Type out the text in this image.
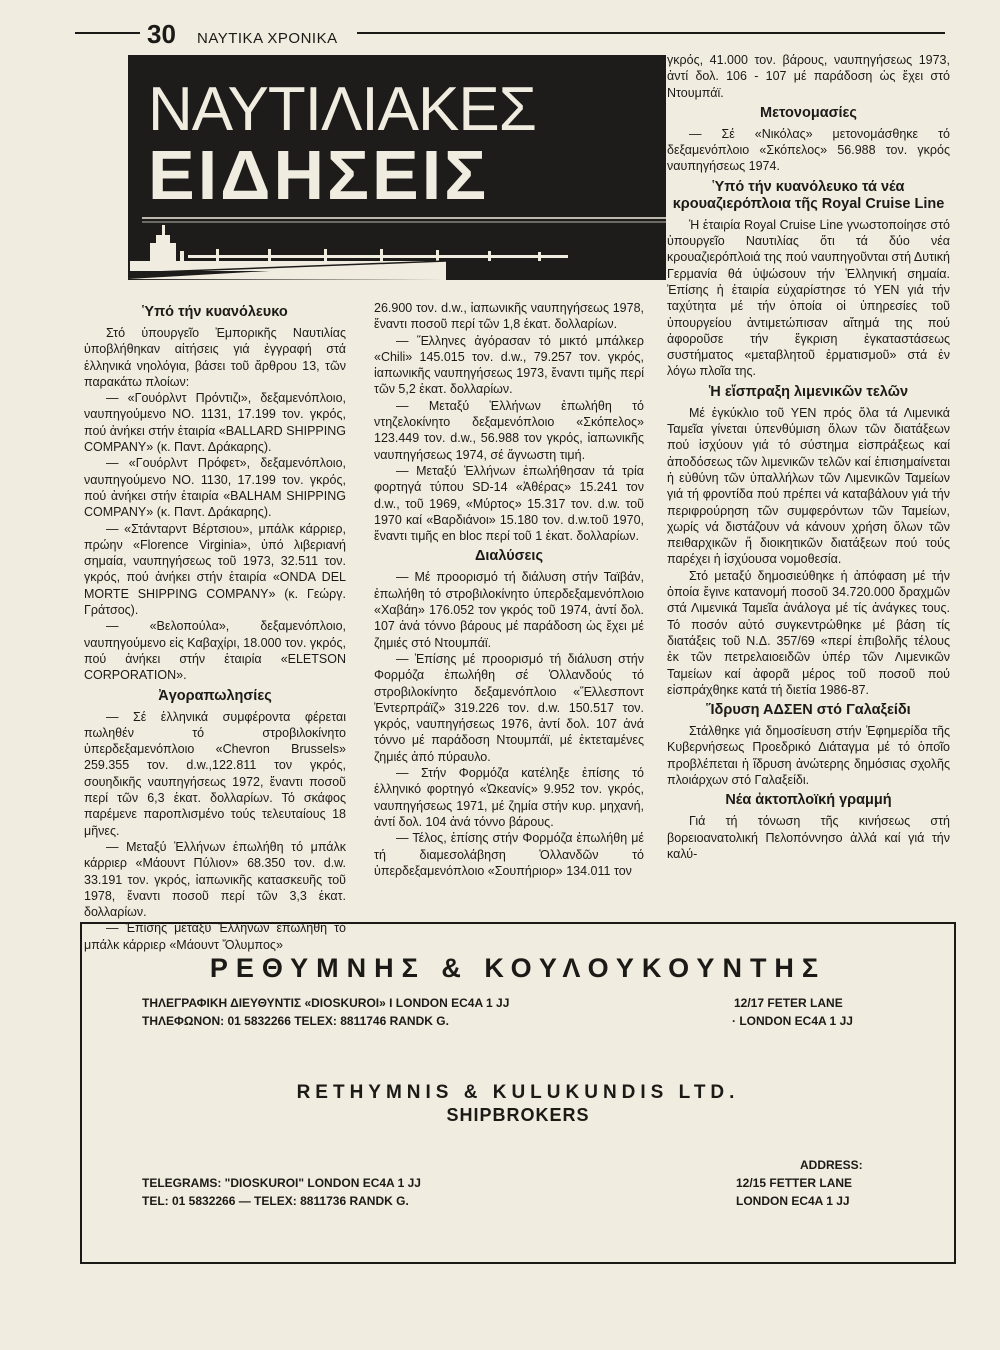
30 ΝΑΥΤΙΚΑ ΧΡΟΝΙΚΑ
ΝΑΥΤΙΛΙΑΚΕΣ
ΕΙΔΗΣΕΙΣ
Ὑπό τήν κυανόλευκο

Στό ὑπουργεῖο Ἐμπορικῆς Ναυτιλίας ὑποβλήθηκαν αἰτήσεις γιά ἐγγραφή στά ἑλληνικά νηολόγια, βάσει τοῦ ἄρθρου 13, τῶν παρακάτω πλοίων:

— «Γουόρλντ Πρόντιζι», δεξαμενόπλοιο, ναυπηγούμενο ΝΟ. 1131, 17.199 τον. γκρός, πού ἀνήκει στήν ἑταιρία «BALLARD SHIPPING COMPANY» (κ. Παντ. Δράκαρης).

— «Γουόρλντ Πρόφετ», δεξαμενόπλοιο, ναυπηγούμενο ΝΟ. 1130, 17.199 τον. γκρός, πού ἀνήκει στήν ἑταιρία «BALHAM SHIPPING COMPANY» (κ. Παντ. Δράκαρης).

— «Στάνταρντ Βέρτσιου», μπάλκ κάρριερ, πρώην «Florence Virginia», ὑπό λιβεριανή σημαία, ναυπηγήσεως τοῦ 1973, 32.511 τον. γκρός, πού ἀνήκει στήν ἑταιρία «ONDA DEL MORTE SHIPPING COMPANY» (κ. Γεώργ. Γράτσος).

— «Βελοπούλα», δεξαμενόπλοιο, ναυπηγούμενο εἰς Καβαχίρι, 18.000 τον. γκρός, πού ἀνήκει στήν ἑταιρία «ELETSON CORPORATION».

Ἀγοραπωλησίες

— Σέ ἑλληνικά συμφέροντα φέρεται πωληθέν τό στροβιλοκίνητο ὑπερδεξαμενόπλοιο «Chevron Brussels» 259.355 τον. d.w.,122.811 τον γκρός, σουηδικῆς ναυπηγήσεως 1972, ἔναντι ποσοῦ περί τῶν 6,3 ἑκατ. δολλαρίων. Τό σκάφος παρέμενε παροπλισμένο τούς τελευταίους 18 μῆνες.

— Μεταξύ Ἑλλήνων ἐπωλήθη τό μπάλκ κάρριερ «Μάουντ Πύλιον» 68.350 τον. d.w. 33.191 τον. γκρός, ἰαπωνικῆς κατασκευῆς τοῦ 1978, ἔναντι ποσοῦ περί τῶν 3,3 ἑκατ. δολλαρίων.

— Ἐπίσης μεταξύ Ἑλλήνων ἐπωλήθη τό μπάλκ κάρριερ «Μάουντ Ὄλυμπος»

26.900 τον. d.w., ἰαπωνικῆς ναυπηγήσεως 1978, ἔναντι ποσοῦ περί τῶν 1,8 ἑκατ. δολλαρίων.

— Ἕλληνες ἀγόρασαν τό μικτό μπάλκερ «Chili» 145.015 τον. d.w., 79.257 τον. γκρός, ἰαπωνικῆς ναυπηγήσεως 1973, ἔναντι τιμῆς περί τῶν 5,2 ἑκατ. δολλαρίων.

— Μεταξύ Ἑλλήνων ἐπωλήθη τό ντηζελοκίνητο δεξαμενόπλοιο «Σκόπελος» 123.449 τον. d.w., 56.988 τον γκρός, ἰαπωνικῆς ναυπηγήσεως 1974, σέ ἄγνωστη τιμή.

— Μεταξύ Ἑλλήνων ἐπωλήθησαν τά τρία φορτηγά τύπου SD-14 «Ἀθέρας» 15.241 τον d.w., τοῦ 1969, «Μύρτος» 15.317 τον. d.w. τοῦ 1970 καί «Βαρδιάνοι» 15.180 τον. d.w.τοῦ 1970, ἔναντι τιμῆς en bloc περί τοῦ 1 ἑκατ. δολλαρίων.

Διαλύσεις

— Μέ προορισμό τή διάλυση στήν Ταϊβάν, ἐπωλήθη τό στροβιλοκίνητο ὑπερδεξαμενόπλοιο «Χαβάη» 176.052 τον γκρός τοῦ 1974, ἀντί δολ. 107 ἀνά τόννο βάρους μέ παράδοση ὡς ἔχει μέ ζημιές στό Ντουμπάϊ.

— Ἐπίσης μέ προορισμό τή διάλυση στήν Φορμόζα ἐπωλήθη σέ Ὁλλανδούς τό στροβιλοκίνητο δεξαμενόπλοιο «Ἕλλεσποντ Ἐντερπράϊζ» 319.226 τον. d.w. 150.517 τον. γκρός, ναυπηγήσεως 1976, ἀντί δολ. 107 ἀνά τόννο μέ παράδοση Ντουμπάϊ, μέ ἐκτεταμένες ζημιές ἀπό πύραυλο.

— Στήν Φορμόζα κατέληξε ἐπίσης τό ἑλληνικό φορτηγό «Ὠκεανίς» 9.952 τον. γκρός, ναυπηγήσεως 1971, μέ ζημία στήν κυρ. μηχανή, ἀντί δολ. 104 ἀνά τόννο βάρους.

— Τέλος, ἐπίσης στήν Φορμόζα ἐπωλήθη μέ τή διαμεσολάβηση Ὁλλανδῶν τό ὑπερδεξαμενόπλοιο «Σουπήριορ» 134.011 τον

γκρός, 41.000 τον. βάρους, ναυπηγήσεως 1973, ἀντί δολ. 106 - 107 μέ παράδοση ὡς ἔχει στό Ντουμπάϊ.

Μετονομασίες

— Σέ «Νικόλας» μετονομάσθηκε τό δεξαμενόπλοιο «Σκόπελος» 56.988 τον. γκρός ναυπηγήσεως 1974.

Ὑπό τήν κυανόλευκο τά νέα κρουαζιερόπλοια τῆς Royal Cruise Line

Ἡ ἑταιρία Royal Cruise Line γνωστοποίησε στό ὑπουργεῖο Ναυτιλίας ὅτι τά δύο νέα κρουαζιερόπλοιά της πού ναυπηγοῦνται στή Δυτική Γερμανία θά ὑψώσουν τήν Ἑλληνική σημαία. Ἐπίσης ἡ ἑταιρία εὐχαρίστησε τό ΥΕΝ γιά τήν ταχύτητα μέ τήν ὁποία οἱ ὑπηρεσίες τοῦ ὑπουργείου ἀντιμετώπισαν αἴτημά της πού ἀφοροῦσε τήν ἔγκριση ἐγκαταστάσεως συστήματος «μεταβλητοῦ ἐρματισμοῦ» στά ἐν λόγω πλοῖα της.

Ἡ εἴσπραξη λιμενικῶν τελῶν

Μέ ἐγκύκλιο τοῦ ΥΕΝ πρός ὅλα τά Λιμενικά Ταμεῖα γίνεται ὑπενθύμιση ὅλων τῶν διατάξεων πού ἰσχύουν γιά τό σύστημα εἰσπράξεως καί ἀποδόσεως τῶν λιμενικῶν τελῶν καί ἐπισημαίνεται ἡ εὐθύνη τῶν ὑπαλλήλων τῶν Λιμενικῶν Ταμείων γιά τή φροντίδα πού πρέπει νά καταβάλουν γιά τήν περιφρούρηση τῶν συμφερόντων τῶν Ταμείων, χωρίς νά διστάζουν νά κάνουν χρήση ὅλων τῶν πειθαρχικῶν ἤ διοικητικῶν διατάξεων πού τούς παρέχει ἡ ἰσχύουσα νομοθεσία.

Στό μεταξύ δημοσιεύθηκε ἡ ἀπόφαση μέ τήν ὁποία ἔγινε κατανομή ποσοῦ 34.720.000 δραχμῶν στά Λιμενικά Ταμεῖα ἀνάλογα μέ τίς ἀνάγκες τους. Τό ποσόν αὐτό συγκεντρώθηκε μέ βάση τίς διατάξεις τοῦ Ν.Δ. 357/69 «περί ἐπιβολῆς τέλους ἐκ τῶν πετρελαιοειδῶν ὑπέρ τῶν Λιμενικῶν Ταμείων καί ἀφορᾶ μέρος τοῦ ποσοῦ πού εἰσπράχθηκε κατά τή διετία 1986-87.

Ἵδρυση ΑΔΣΕΝ στό Γαλαξείδι

Στάλθηκε γιά δημοσίευση στήν Ἐφημερίδα τῆς Κυβερνήσεως Προεδρικό Διάταγμα μέ τό ὁποῖο προβλέπεται ἡ ἵδρυση ἀνώτερης δημόσιας σχολῆς πλοιάρχων στό Γαλαξείδι.

Νέα ἀκτοπλοϊκή γραμμή

Γιά τή τόνωση τῆς κινήσεως στή βορειοανατολική Πελοπόννησο ἀλλά καί γιά τήν καλύ-

ΡΕΘΥΜΝΗΣ & ΚΟΥΛΟΥΚΟΥΝΤΗΣ
ΤΗΛΕΓΡΑΦΙΚΗ ΔΙΕΥΘΥΝΤΙΣ «DIOSKUROI» I LONDON EC4A 1 JJ
ΤΗΛΕΦΩΝΟΝ: 01 5832266 TELEX: 8811746 RANDK G.
12/17 FETER LANE
· LONDON EC4A 1 JJ
RETHYMNIS & KULUKUNDIS LTD.
SHIPBROKERS
TELEGRAMS: "DIOSKUROI" LONDON EC4A 1 JJ
TEL: 01 5832266 — TELEX: 8811736 RANDK G.
ADDRESS:
12/15 FETTER LANE
LONDON EC4A 1 JJ
